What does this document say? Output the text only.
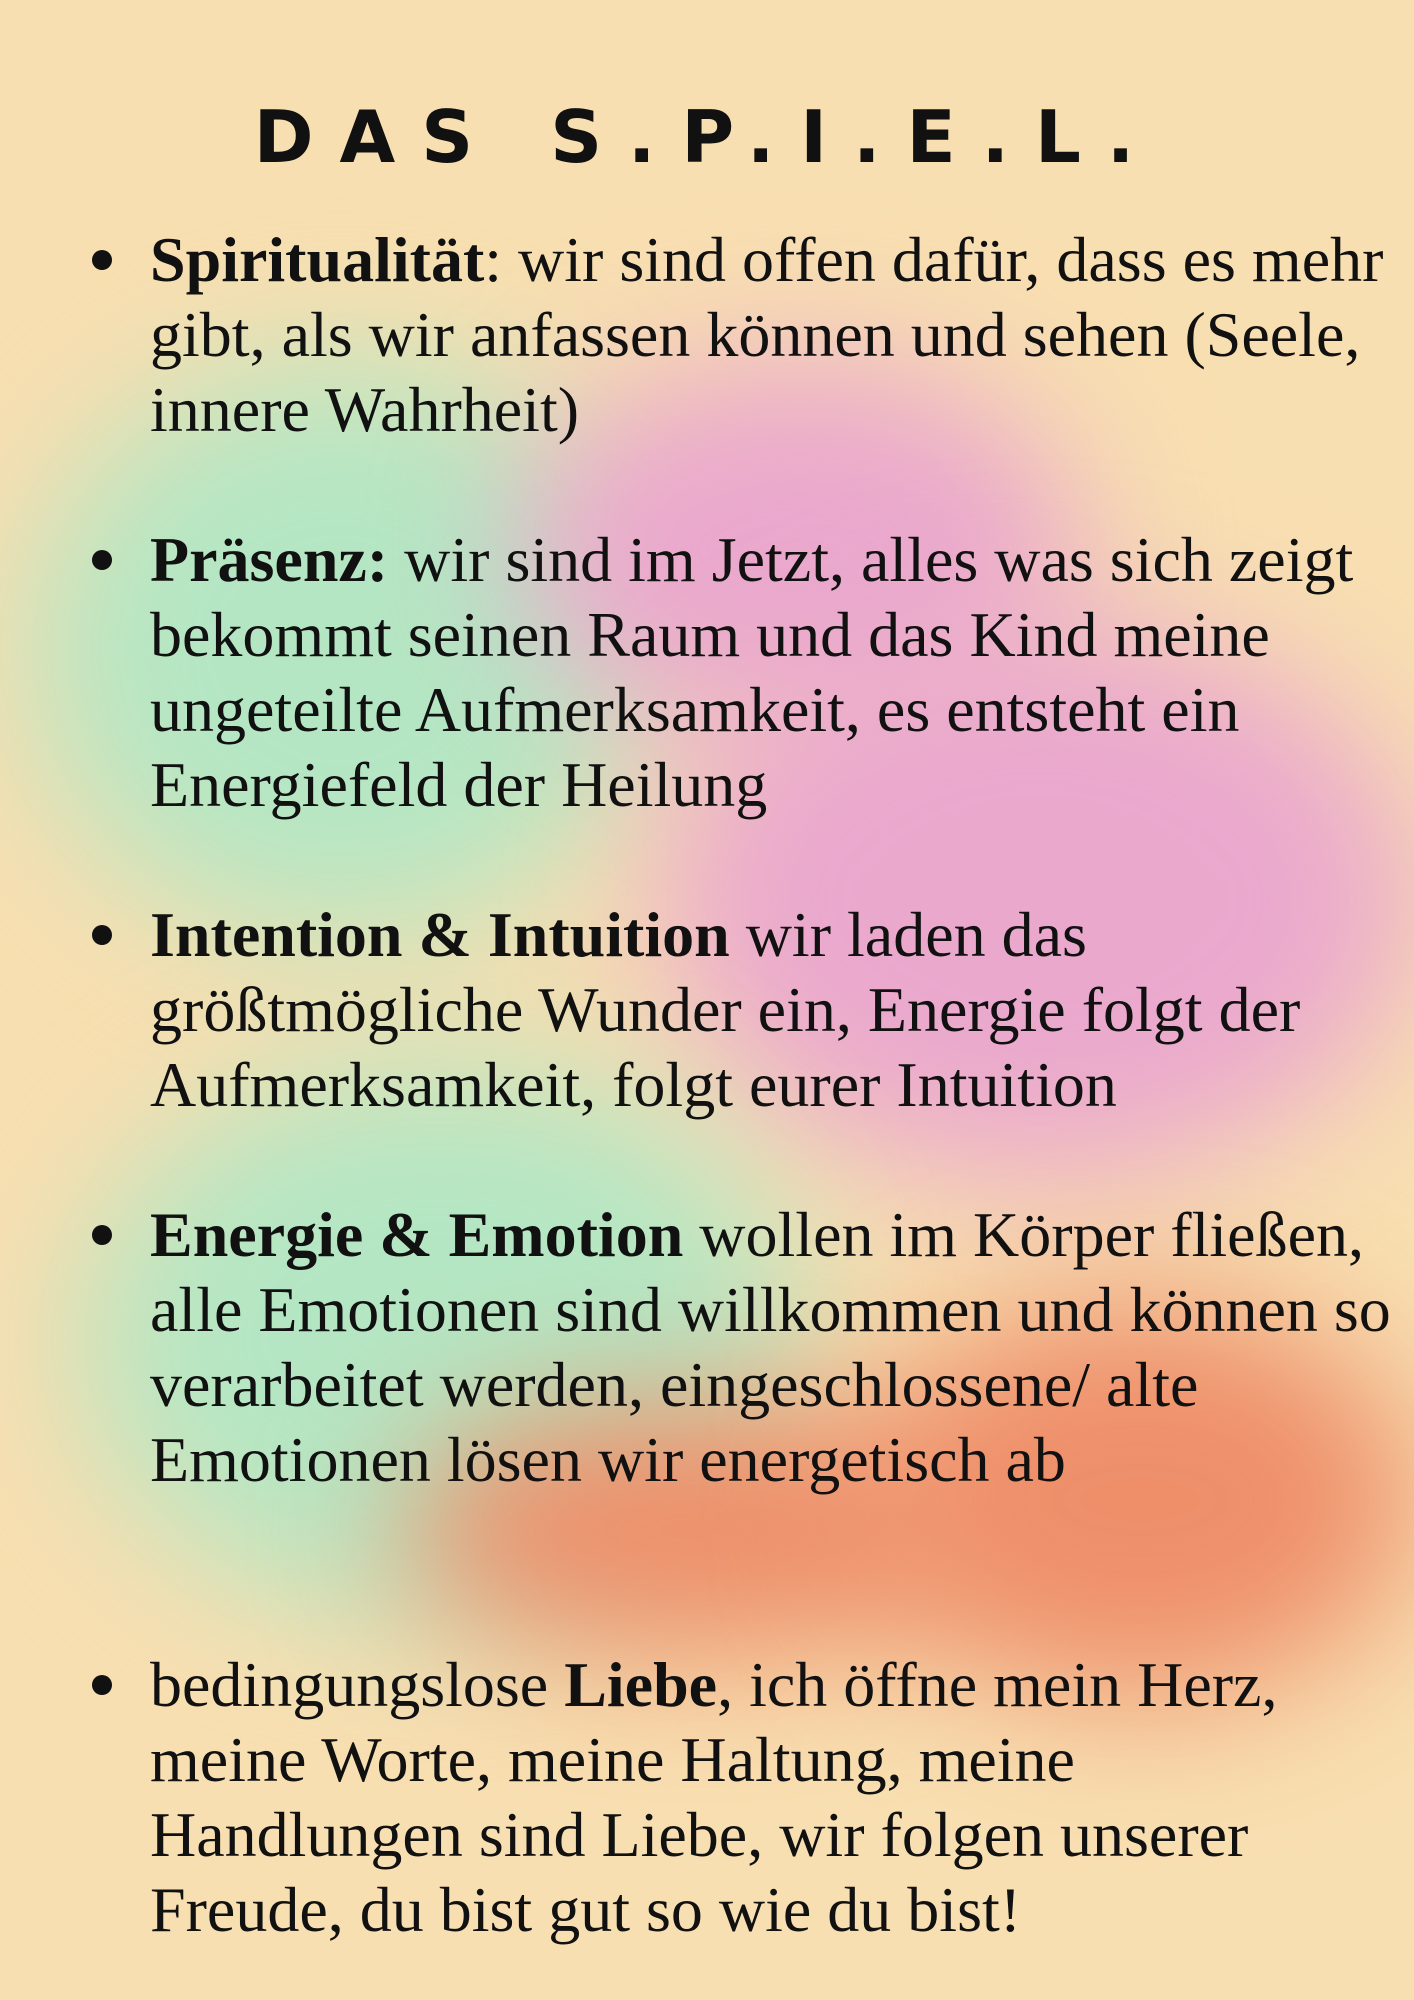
DAS S.P.I.E.L.
Spiritualität: wir sind offen dafür, dass es mehr gibt, als wir anfassen können und sehen (Seele, innere Wahrheit)
Präsenz: wir sind im Jetzt, alles was sich zeigt bekommt seinen Raum und das Kind meine ungeteilte Aufmerksamkeit, es entsteht ein Energiefeld der Heilung
Intention & Intuition wir laden das größtmögliche Wunder ein, Energie folgt der Aufmerksamkeit, folgt eurer Intuition
Energie & Emotion wollen im Körper fließen, alle Emotionen sind willkommen und können so verarbeitet werden, eingeschlossene/ alte Emotionen lösen wir energetisch ab
bedingungslose Liebe, ich öffne mein Herz, meine Worte, meine Haltung, meine Handlungen sind Liebe, wir folgen unserer Freude, du bist gut so wie du bist!
